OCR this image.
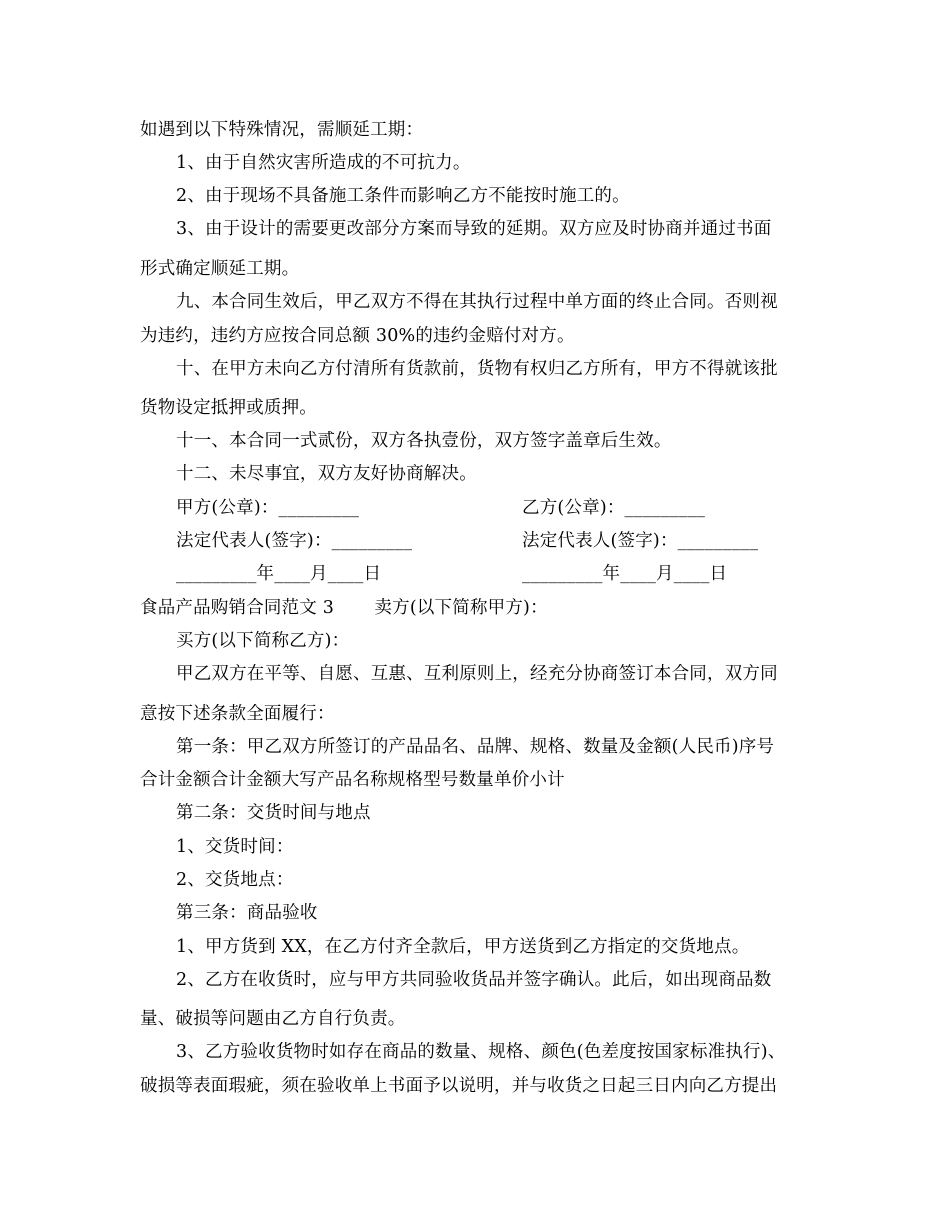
如遇到以下特殊情况，需顺延工期：
1、由于自然灾害所造成的不可抗力。
2、由于现场不具备施工条件而影响乙方不能按时施工的。
3、由于设计的需要更改部分方案而导致的延期。双方应及时协商并通过书面
形式确定顺延工期。
九、本合同生效后，甲乙双方不得在其执行过程中单方面的终止合同。否则视
为违约，违约方应按合同总额 30%的违约金赔付对方。
十、在甲方未向乙方付清所有货款前，货物有权归乙方所有，甲方不得就该批
货物设定抵押或质押。
十一、本合同一式贰份，双方各执壹份，双方签字盖章后生效。
十二、未尽事宜，双方友好协商解决。
甲方(公章)：_________	乙方(公章)：_________
法定代表人(签字)：_________	法定代表人(签字)：_________
_________年____月____日	_________年____月____日
食品产品购销合同范文 3       卖方(以下简称甲方)：
买方(以下简称乙方)：
甲乙双方在平等、自愿、互惠、互利原则上，经充分协商签订本合同，双方同
意按下述条款全面履行：
第一条：甲乙双方所签订的产品品名、品牌、规格、数量及金额(人民币)序号
合计金额合计金额大写产品名称规格型号数量单价小计
第二条：交货时间与地点
1、交货时间：
2、交货地点：
第三条：商品验收
1、甲方货到 XX，在乙方付齐全款后，甲方送货到乙方指定的交货地点。
2、乙方在收货时，应与甲方共同验收货品并签字确认。此后，如出现商品数
量、破损等问题由乙方自行负责。
3、乙方验收货物时如存在商品的数量、规格、颜色(色差度按国家标准执行)、
破损等表面瑕疵，须在验收单上书面予以说明，并与收货之日起三日内向乙方提出
